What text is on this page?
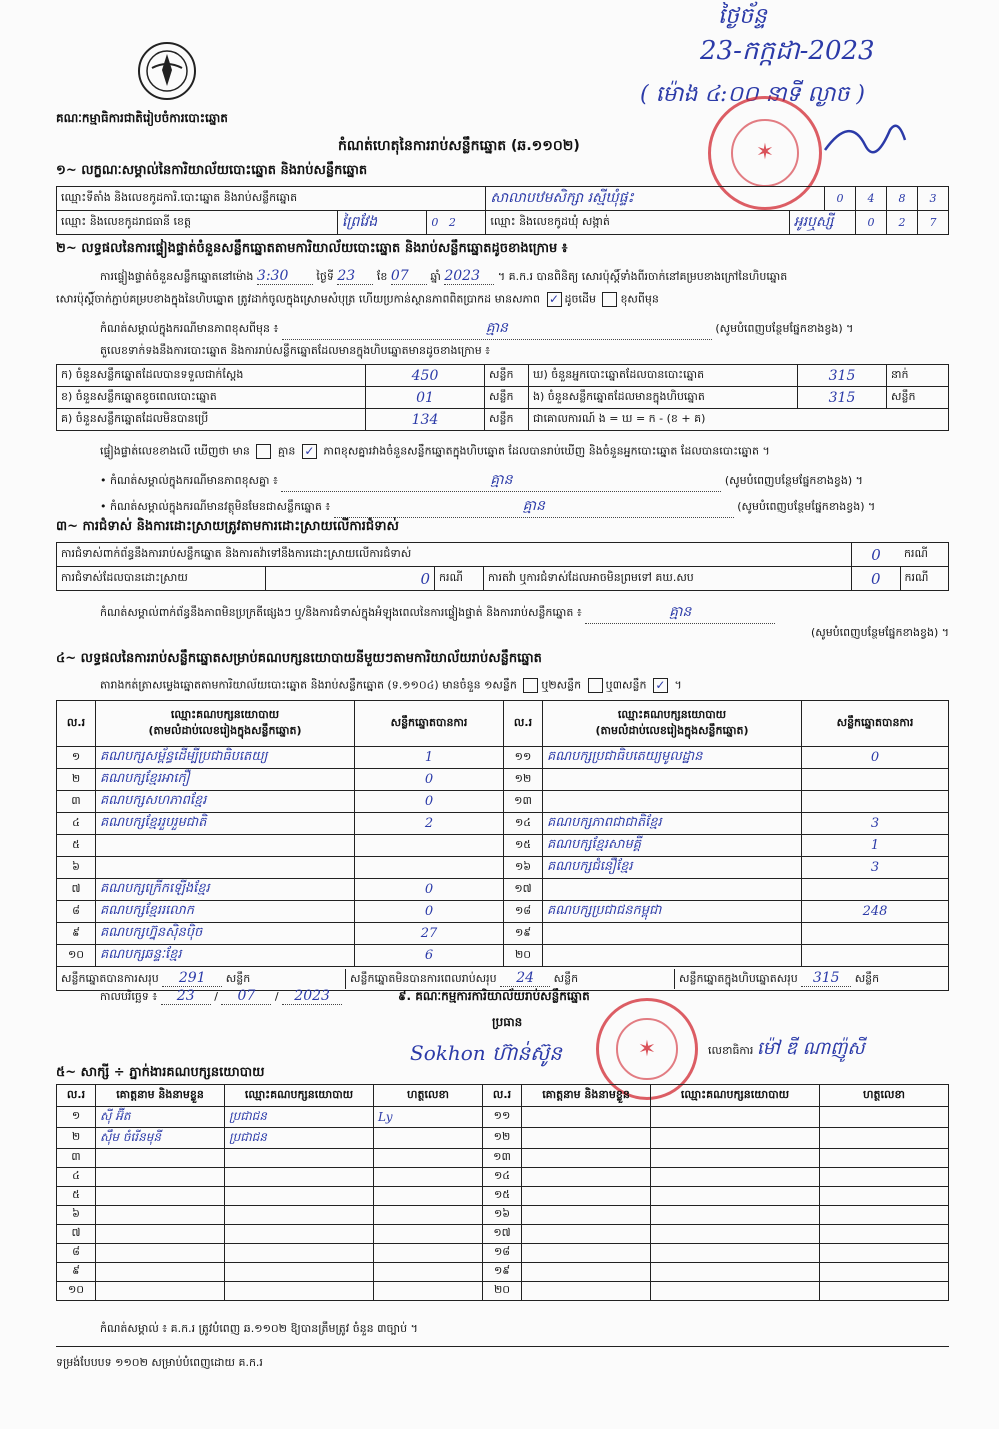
ថ្ងៃច័ន្ទ
23-កក្កដា-2023
( ម៉ោង ៤:០០ នាទី ល្ងាច )
គណៈកម្មាធិការជាតិរៀបចំការបោះឆ្នោត
✶
កំណត់ហេតុនៃការរាប់សន្លឹកឆ្នោត (ឆ.១១០២)
១~ លក្ខណៈសម្គាល់នៃការិយាល័យបោះឆ្នោត និងរាប់សន្លឹកឆ្នោត
ឈ្មោះទីតាំង និងលេខកូដការិ.បោះឆ្នោត និងរាប់សន្លឹកឆ្នោត			សាលាបឋមសិក្សា រស្មីឃុំផ្ទះ		0	4	8	3
ឈ្មោះ និងលេខកូដរាជធានី ខេត្ត	ព្រៃវែង	0 2	ឈ្មោះ និងលេខកូដឃុំ សង្កាត់	អូរឬស្សី		0	2	7
២~ លទ្ធផលនៃការផ្ទៀងផ្ទាត់ចំនួនសន្លឹកឆ្នោតតាមការិយាល័យបោះឆ្នោត និងរាប់សន្លឹកឆ្នោតដូចខាងក្រោម ៖
ការផ្ទៀងផ្ទាត់ចំនួនសន្លឹកឆ្នោតនៅម៉ោង 3:30	ថ្ងៃទី 23 ខែ 07 ឆ្នាំ 2023 ។ គ.ក.រ បានពិនិត្យ សោរប៉ុស្តិ៍ទាំងពីរចាក់នៅគម្របខាងក្រៅនៃហិបឆ្នោត
សោរប៉ុស្តិ៍ចាក់ភ្ជាប់គម្របខាងក្នុងនៃហិបឆ្នោត ត្រូវដាក់ចូលក្នុងស្រោមសំបុត្រ ហើយប្រកាន់ស្ថានភាពពិតប្រាកដ មានសភាព ✓ ដូចដើម ខុសពីមុន
កំណត់សម្គាល់ក្នុងករណីមានភាពខុសពីមុន ៖	គ្មាន	(សូមបំពេញបន្ថែមផ្នែកខាងខ្វង) ។
តួលេខទាក់ទងនឹងការបោះឆ្នោត និងការរាប់សន្លឹកឆ្នោតដែលមានក្នុងហិបឆ្នោតមានដូចខាងក្រោម ៖
ក) ចំនួនសន្លឹកឆ្នោតដែលបានទទួលជាក់ស្តែង	450	សន្លឹក	ឃ) ចំនួនអ្នកបោះឆ្នោតដែលបានបោះឆ្នោត	315	នាក់
ខ) ចំនួនសន្លឹកឆ្នោតខូចពេលបោះឆ្នោត	01	សន្លឹក	ង) ចំនួនសន្លឹកឆ្នោតដែលមានក្នុងហិបឆ្នោត	315	សន្លឹក
គ) ចំនួនសន្លឹកឆ្នោតដែលមិនបានប្រើ	134	សន្លឹក	ជាគោលការណ៍ ង = ឃ = ក - (ខ + គ)		
ផ្ទៀងផ្ទាត់លេខខាងលើ ឃើញថា មាន	គ្មាន ✓ ភាពខុសគ្នារវាងចំនួនសន្លឹកឆ្នោតក្នុងហិបឆ្នោត ដែលបានរាប់ឃើញ និងចំនួនអ្នកបោះឆ្នោត ដែលបានបោះឆ្នោត ។
• កំណត់សម្គាល់ក្នុងករណីមានភាពខុសគ្នា ៖	គ្មាន	(សូមបំពេញបន្ថែមផ្នែកខាងខ្វង) ។
• កំណត់សម្គាល់ក្នុងករណីមានវត្ថុមិនមែនជាសន្លឹកឆ្នោត ៖	គ្មាន	(សូមបំពេញបន្ថែមផ្នែកខាងខ្វង) ។
៣~ ការជំទាស់ និងការដោះស្រាយត្រូវតាមការដោះស្រាយលើការជំទាស់
ការជំទាស់ពាក់ព័ន្ធនឹងការរាប់សន្លឹកឆ្នោត និងការតវ៉ាទៅនឹងការដោះស្រាយលើការជំទាស់				0	ករណី
ការជំទាស់ដែលបានដោះស្រាយ	0	ករណី	ការតវ៉ា ឬការជំទាស់ដែលអាចមិនព្រមទៅ គឃ.សប	0	ករណី
កំណត់សម្គាល់ពាក់ព័ន្ធនឹងភាពមិនប្រក្រតីផ្សេងៗ ឬ/និងការជំទាស់ក្នុងអំឡុងពេលនៃការផ្ទៀងផ្ទាត់ និងការរាប់សន្លឹកឆ្នោត ៖	គ្មាន
(សូមបំពេញបន្ថែមផ្នែកខាងខ្វង) ។
៤~ លទ្ធផលនៃការរាប់សន្លឹកឆ្នោតសម្រាប់គណបក្សនយោបាយនីមួយៗតាមការិយាល័យរាប់សន្លឹកឆ្នោត
តារាងកត់ត្រាសម្លេងឆ្នោតតាមការិយាល័យបោះឆ្នោត និងរាប់សន្លឹកឆ្នោត (ទ.១១០៤) មានចំនួន ១សន្លឹក ឬ២សន្លឹក ឬ៣សន្លឹក ✓ ។
ល.រ	ឈ្មោះគណបក្សនយោបាយ
(តាមលំដាប់លេខរៀងក្នុងសន្លឹកឆ្នោត)	សន្លឹកឆ្នោតបានការ	ល.រ	ឈ្មោះគណបក្សនយោបាយ
(តាមលំដាប់លេខរៀងក្នុងសន្លឹកឆ្នោត)	សន្លឹកឆ្នោតបានការ
១	គណបក្សសម្ព័ន្ធដើម្បីប្រជាធិបតេយ្យ	1	១១	គណបក្សប្រជាធិបតេយ្យមូលដ្ឋាន	0
២	គណបក្សខ្មែរអាកឿ	0	១២		
៣	គណបក្សសហភាពខ្មែរ	0	១៣		
៤	គណបក្សខ្មែររួបរួមជាតិ	2	១៤	គណបក្សភាពជាជាតិខ្មែរ	3
៥			១៥	គណបក្សខ្មែរសាមគ្គី	1
៦			១៦	គណបក្សជំនឿខ្មែរ	3
៧	គណបក្សក្រើកឡើងខ្មែរ	0	១៧		
៨	គណបក្សខ្មែររលោក	0	១៨	គណបក្សប្រជាជនកម្ពុជា	248
៩	គណបក្សហ្វ៊ុនស៊ិនប៉ិច	27	១៩		
១០	គណបក្សឆន្ទៈខ្មែរ	6	២០		

សន្លឹកឆ្នោតបានការសរុប 291 សន្លឹក	សន្លឹកឆ្នោតមិនបានការពេលរាប់សរុប 24 សន្លឹក	សន្លឹកឆ្នោតក្នុងហិបឆ្នោតសរុប 315 សន្លឹក
កាលបរិច្ឆេទ ៖ 23 / 07 / 2023	៩. គណៈកម្មការការិយាល័យរាប់សន្លឹកឆ្នោត
ប្រធាន
Sokhon ហ៊ាន់ស៊ូន	✶	លេខាធិការ ម៉ៅ ឌី ណាញ៉ូសី
៥~ សាក្សី ÷ ភ្នាក់ងារគណបក្សនយោបាយ
ល.រ	គោត្តនាម និងនាមខ្លួន	ឈ្មោះគណបក្សនយោបាយ	ហត្ថលេខា	ល.រ	គោត្តនាម និងនាមខ្លួន	ឈ្មោះគណបក្សនយោបាយ	ហត្ថលេខា
១	ស៊ី អ៊ីត	ប្រជាជន	Ly	១១			
២	ស៊ឹម ចំរើនមុនី	ប្រជាជន		១២			
៣				១៣			
៤				១៤			
៥				១៥			
៦				១៦			
៧				១៧			
៨				១៨			
៩				១៩			
១០				២០			
កំណត់សម្គាល់ ៖ គ.ក.រ ត្រូវបំពេញ ឆ.១១០២ ឱ្យបានត្រឹមត្រូវ ចំនួន ៣ច្បាប់ ។
ទម្រង់បែបបទ ១១០២ សម្រាប់បំពេញដោយ គ.ក.រ
